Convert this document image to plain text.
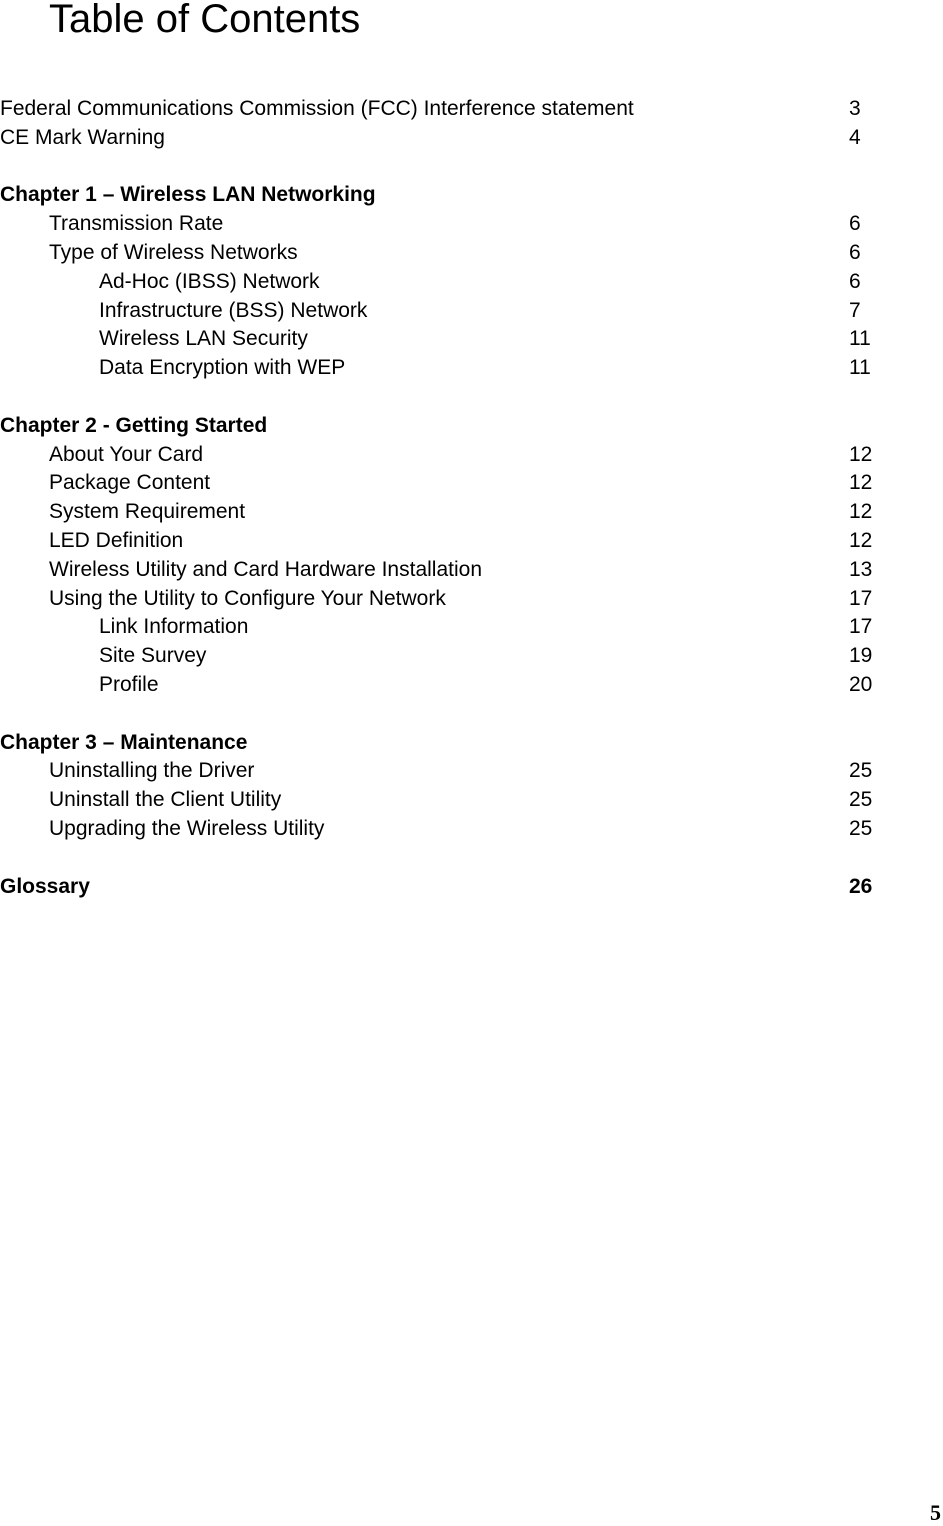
Table of Contents
Federal Communications Commission (FCC) Interference statement	3
CE Mark Warning	4
Chapter 1 – Wireless LAN Networking
Transmission Rate	6
Type of Wireless Networks	6
Ad-Hoc (IBSS) Network	6
Infrastructure (BSS) Network	7
Wireless LAN Security	11
Data Encryption with WEP	11
Chapter 2 - Getting Started
About Your Card	12
Package Content	12
System Requirement	12
LED Definition	12
Wireless Utility and Card Hardware Installation	13
Using the Utility to Configure Your Network	17
Link Information	17
Site Survey	19
Profile	20
Chapter 3 – Maintenance
Uninstalling the Driver	25
Uninstall the Client Utility	25
Upgrading the Wireless Utility	25
Glossary	26
5
